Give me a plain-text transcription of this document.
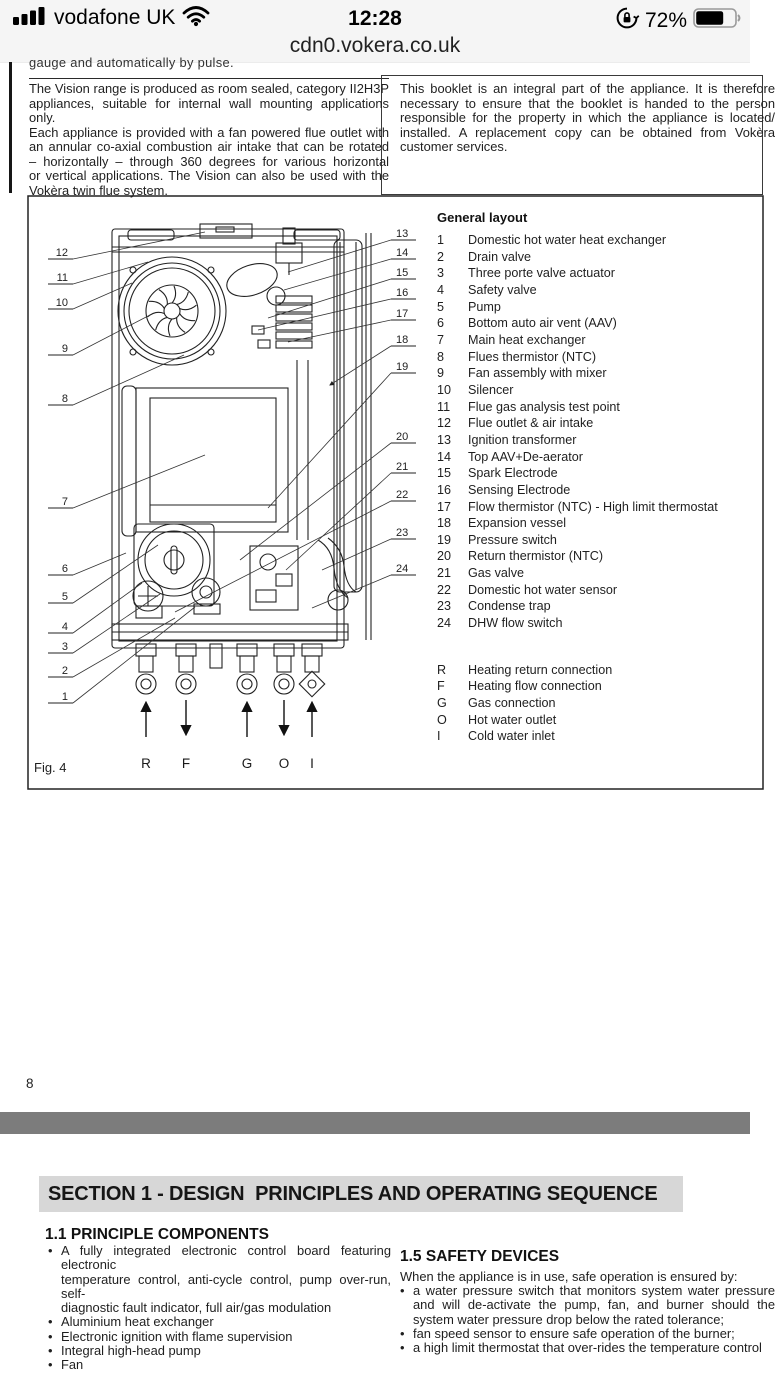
vodafone UK	12:28	72%
cdn0.vokera.co.uk
gauge and automatically by pulse.
The Vision range is produced as room sealed, category II2H3P
appliances, suitable for internal wall mounting applications only.
Each appliance is provided with a fan powered flue outlet with
an annular co-axial combustion air intake that can be rotated
– horizontally – through 360 degrees for various horizontal
or vertical applications. The Vision can also be used with the
Vokèra twin flue system.
This booklet is an integral part of the appliance. It is therefore
necessary to ensure that the booklet is handed to the person
responsible for the property in which the appliance is located/
installed. A replacement copy can be obtained from Vokèra
customer services.
12
11
10
9
8
7
6
5
4
3
2
1
13
14
15
16
17
18
19
20
21
22
23
24
R F	G O I
General layout
1	Domestic hot water heat exchanger
2	Drain valve
3	Three porte valve actuator
4	Safety valve
5	Pump
6	Bottom auto air vent (AAV)
7	Main heat exchanger
8	Flues thermistor (NTC)
9	Fan assembly with mixer
10	Silencer
11	Flue gas analysis test point
12	Flue outlet & air intake
13	Ignition transformer
14	Top AAV+De-aerator
15	Spark Electrode
16	Sensing Electrode
17	Flow thermistor (NTC) - High limit thermostat
18	Expansion vessel
19	Pressure switch
20	Return thermistor (NTC)
21	Gas valve
22	Domestic hot water sensor
23	Condense trap
24	DHW flow switch
R	Heating return connection
F	Heating flow connection
G	Gas connection
O	Hot water outlet
I	Cold water inlet
Fig. 4
8
SECTION 1 - DESIGN  PRINCIPLES AND OPERATING SEQUENCE
1.1 PRINCIPLE COMPONENTS
• A fully integrated electronic control board featuring electronic
temperature control, anti-cycle control, pump over-run, self-
diagnostic fault indicator, full air/gas modulation
• Aluminium heat exchanger
• Electronic ignition with flame supervision
• Integral high-head pump
• Fan
1.5 SAFETY DEVICES
When the appliance is in use, safe operation is ensured by:
• a water pressure switch that monitors system water pressure
and will de-activate the pump, fan, and burner should the
system water pressure drop below the rated tolerance;
• fan speed sensor to ensure safe operation of the burner;
• a high limit thermostat that over-rides the temperature control
